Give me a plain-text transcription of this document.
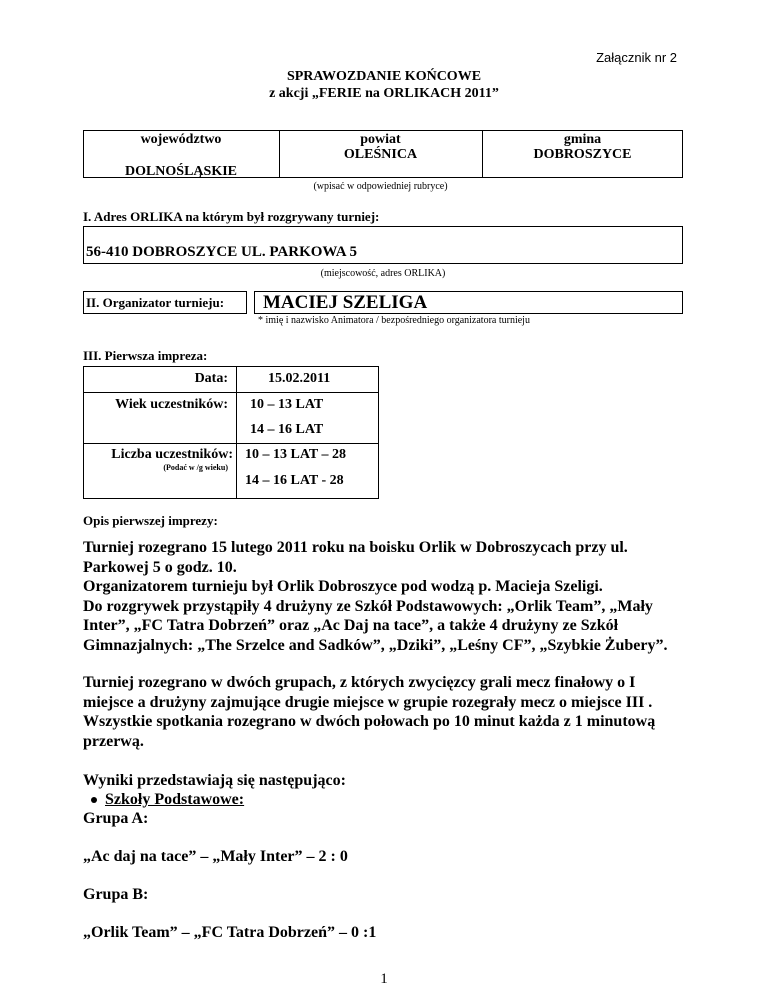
Załącznik nr 2
SPRAWOZDANIE KOŃCOWE
z akcji „FERIE na ORLIKACH 2011”
województwo
DOLNOŚLĄSKIE
powiat
OLEŚNICA
gmina
DOBROSZYCE
(wpisać w odpowiedniej rubryce)
I. Adres ORLIKA na którym był rozgrywany turniej:
56-410 DOBROSZYCE UL. PARKOWA 5
(miejscowość, adres ORLIKA)
II. Organizator turnieju: MACIEJ SZELIGA
* imię i nazwisko Animatora / bezpośredniego organizatora turnieju
III. Pierwsza impreza:
Data:	15.02.2011
Wiek uczestników: 10 – 13 LAT
14 – 16 LAT
Liczba uczestników:
(Podać w /g wieku)
10 – 13 LAT – 28
14 – 16 LAT - 28
Opis pierwszej imprezy:
Turniej rozegrano 15 lutego 2011 roku na boisku Orlik w Dobroszycach przy ul.
Parkowej 5 o godz. 10.
Organizatorem turnieju był Orlik Dobroszyce pod wodzą p. Macieja Szeligi.
Do rozgrywek przystąpiły 4 drużyny ze Szkół Podstawowych: „Orlik Team”, „Mały
Inter”, „FC Tatra Dobrzeń” oraz „Ac Daj na tace”, a także 4 drużyny ze Szkół
Gimnazjalnych: „The Srzelce and Sadków”, „Dziki”, „Leśny CF”, „Szybkie Żubery”.
Turniej rozegrano w dwóch grupach, z których zwycięzcy grali mecz finałowy o I
miejsce a drużyny zajmujące drugie miejsce w grupie rozegrały mecz o miejsce III .
Wszystkie spotkania rozegrano w dwóch połowach po 10 minut każda z 1 minutową
przerwą.
Wyniki przedstawiają się następująco:
Szkoły Podstawowe:
Grupa A:
„Ac daj na tace” – „Mały Inter” – 2 : 0
Grupa B:
„Orlik Team” – „FC Tatra Dobrzeń” – 0 :1
1
